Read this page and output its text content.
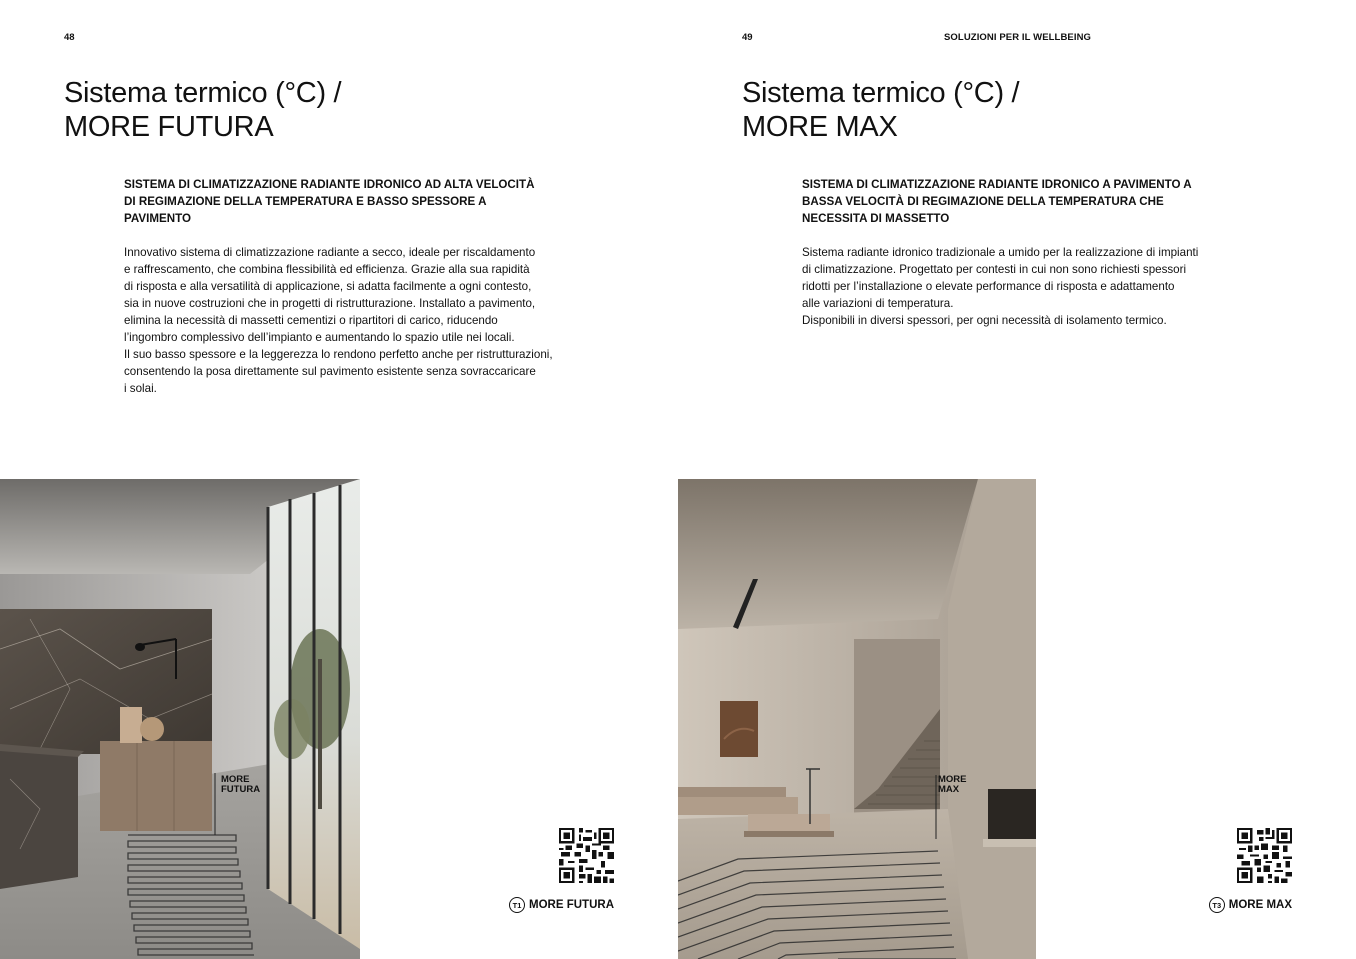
48
Sistema termico (°C) /
MORE FUTURA

SISTEMA DI CLIMATIZZAZIONE RADIANTE IDRONICO AD ALTA VELOCITÀ DI REGIMAZIONE DELLA TEMPERATURA E BASSO SPESSORE A PAVIMENTO

Innovativo sistema di climatizzazione radiante a secco, ideale per riscaldamento

e raffrescamento, che combina flessibilità ed efficienza. Grazie alla sua rapidità

di risposta e alla versatilità di applicazione, si adatta facilmente a ogni contesto,

sia in nuove costruzioni che in progetti di ristrutturazione. Installato a pavimento,

elimina la necessità di massetti cementizi o ripartitori di carico, riducendo

l’ingombro complessivo dell’impianto e aumentando lo spazio utile nei locali.

Il suo basso spessore e la leggerezza lo rendono perfetto anche per ristrutturazioni,

consentendo la posa direttamente sul pavimento esistente senza sovraccaricare

i solai.

MORE
FUTURA
T1 MORE FUTURA
49	SOLUZIONI PER IL WELLBEING
Sistema termico (°C) /
MORE MAX

SISTEMA DI CLIMATIZZAZIONE RADIANTE IDRONICO A PAVIMENTO A BASSA VELOCITÀ DI REGIMAZIONE DELLA TEMPERATURA CHE NECESSITA DI MASSETTO

Sistema radiante idronico tradizionale a umido per la realizzazione di impianti

di climatizzazione. Progettato per contesti in cui non sono richiesti spessori

ridotti per l’installazione o elevate performance di risposta e adattamento

alle variazioni di temperatura.

Disponibili in diversi spessori, per ogni necessità di isolamento termico.

MORE
MAX
T3 MORE MAX
